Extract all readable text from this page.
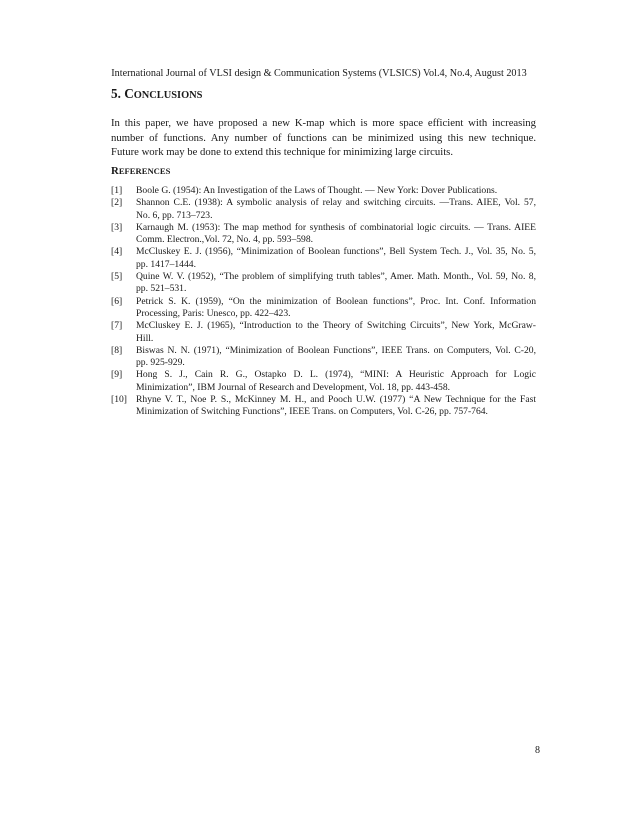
International Journal of VLSI design & Communication Systems (VLSICS) Vol.4, No.4, August 2013
5. CONCLUSIONS
In this paper, we have proposed a new K-map which is more space efficient with increasing
number of functions. Any number of functions can be minimized using this new technique.
Future work may be done to extend this technique for minimizing large circuits.
REFERENCES
[1]	Boole G. (1954): An Investigation of the Laws of Thought. — New York: Dover Publications.
[2]	Shannon C.E. (1938): A symbolic analysis of relay and switching circuits. —Trans. AIEE, Vol. 57,
No. 6, pp. 713–723.
[3]	Karnaugh M. (1953): The map method for synthesis of combinatorial logic circuits. — Trans. AIEE
Comm. Electron.,Vol. 72, No. 4, pp. 593–598.
[4]	McCluskey E. J. (1956), “Minimization of Boolean functions”, Bell System Tech. J., Vol. 35, No. 5,
pp. 1417–1444.
[5]	Quine W. V. (1952), “The problem of simplifying truth tables”, Amer. Math. Month., Vol. 59, No. 8,
pp. 521–531.
[6]	Petrick S. K. (1959), “On the minimization of Boolean functions”, Proc. Int. Conf. Information
Processing, Paris: Unesco, pp. 422–423.
[7]	McCluskey E. J. (1965), “Introduction to the Theory of Switching Circuits”, New York, McGraw-
Hill.
[8]	Biswas N. N. (1971), “Minimization of Boolean Functions”, IEEE Trans. on Computers, Vol. C-20,
pp. 925-929.
[9]	Hong S. J., Cain R. G., Ostapko D. L. (1974), “MINI: A Heuristic Approach for Logic
Minimization”, IBM Journal of Research and Development, Vol. 18, pp. 443-458.
[10] Rhyne V. T., Noe P. S., McKinney M. H., and Pooch U.W. (1977) “A New Technique for the Fast
Minimization of Switching Functions”, IEEE Trans. on Computers, Vol. C-26, pp. 757-764.
8
